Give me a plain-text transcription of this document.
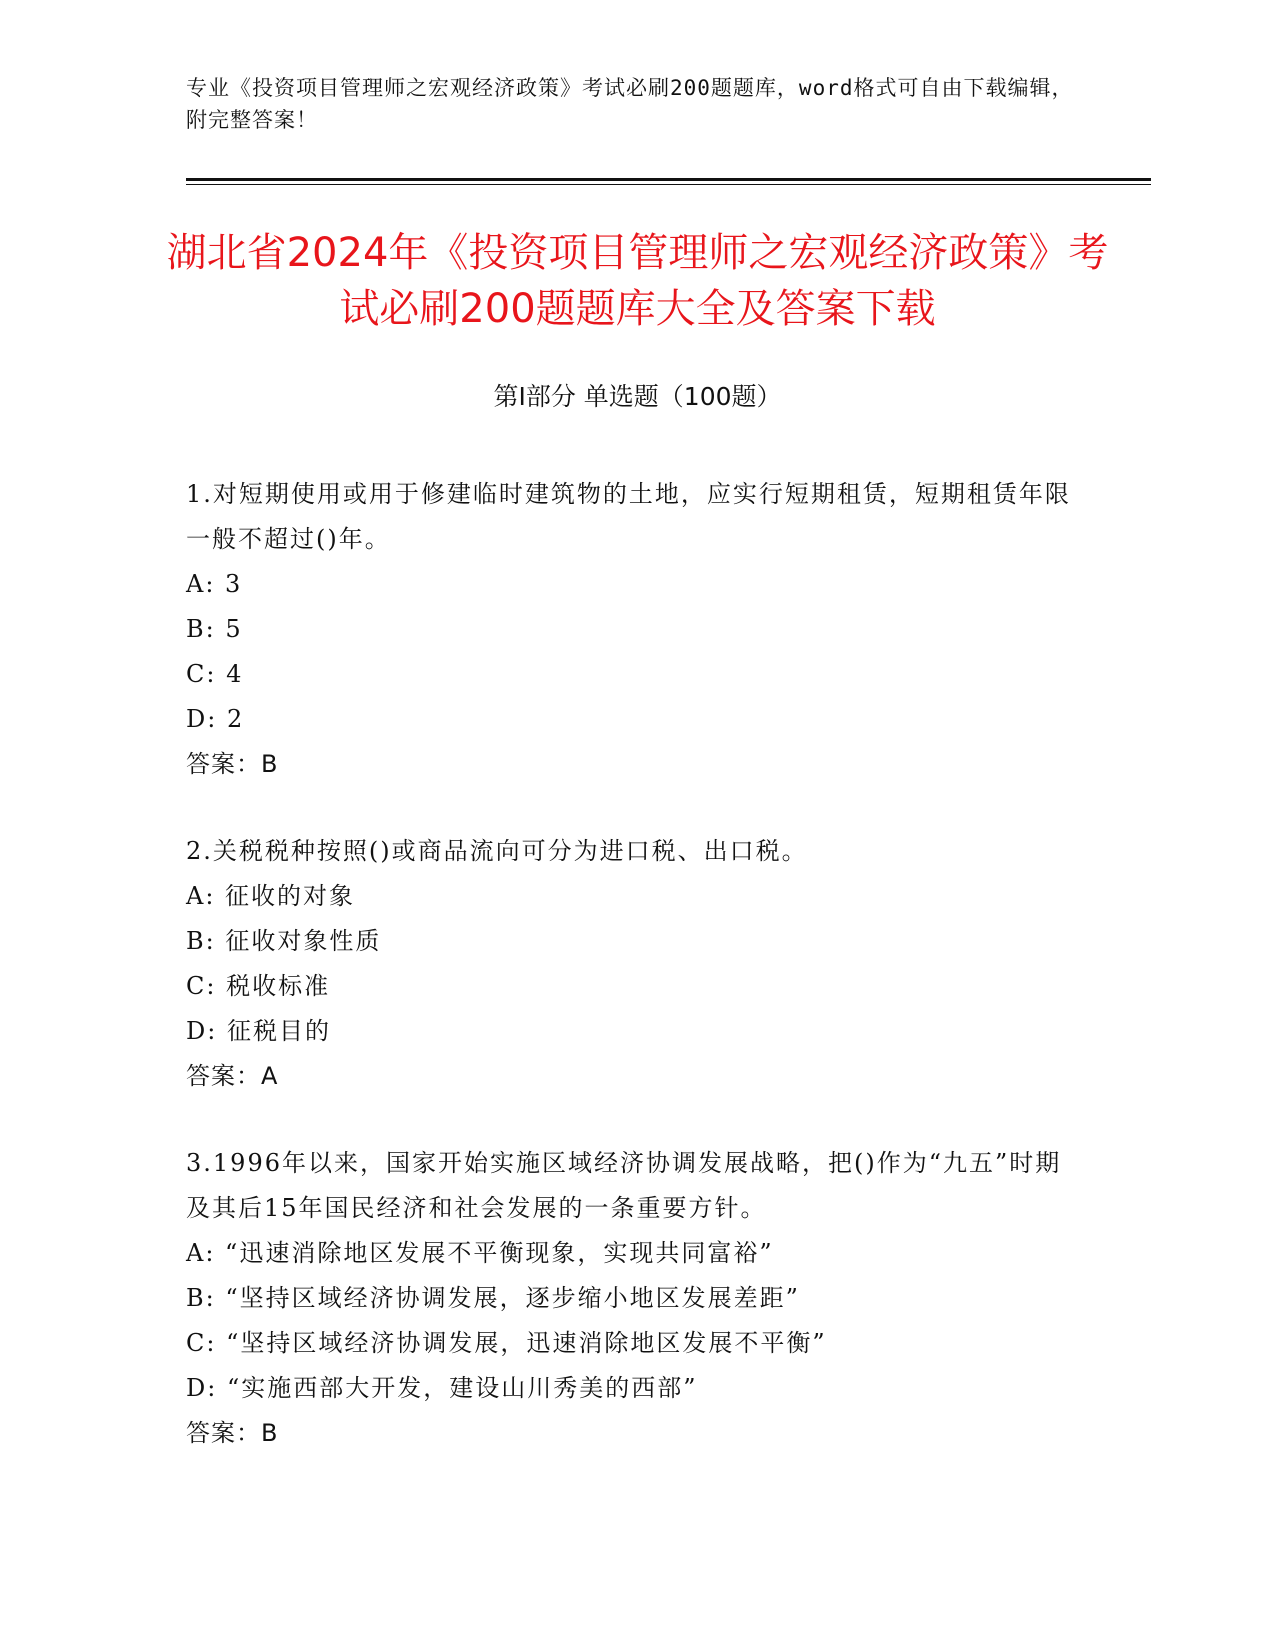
专业《投资项目管理师之宏观经济政策》考试必刷200题题库，word格式可自由下载编辑，附完整答案！
湖北省2024年《投资项目管理师之宏观经济政策》考试必刷200题题库大全及答案下载
第Ⅰ部分 单选题（100题）
1.对短期使用或用于修建临时建筑物的土地，应实行短期租赁，短期租赁年限一般不超过()年。
A: 3
B: 5
C: 4
D: 2
答案：B
2.关税税种按照()或商品流向可分为进口税、出口税。
A: 征收的对象
B: 征收对象性质
C: 税收标准
D: 征税目的
答案：A
3.1996年以来，国家开始实施区域经济协调发展战略，把()作为“九五”时期及其后15年国民经济和社会发展的一条重要方针。
A: “迅速消除地区发展不平衡现象，实现共同富裕”
B: “坚持区域经济协调发展，逐步缩小地区发展差距”
C: “坚持区域经济协调发展，迅速消除地区发展不平衡”
D: “实施西部大开发，建设山川秀美的西部”
答案：B
